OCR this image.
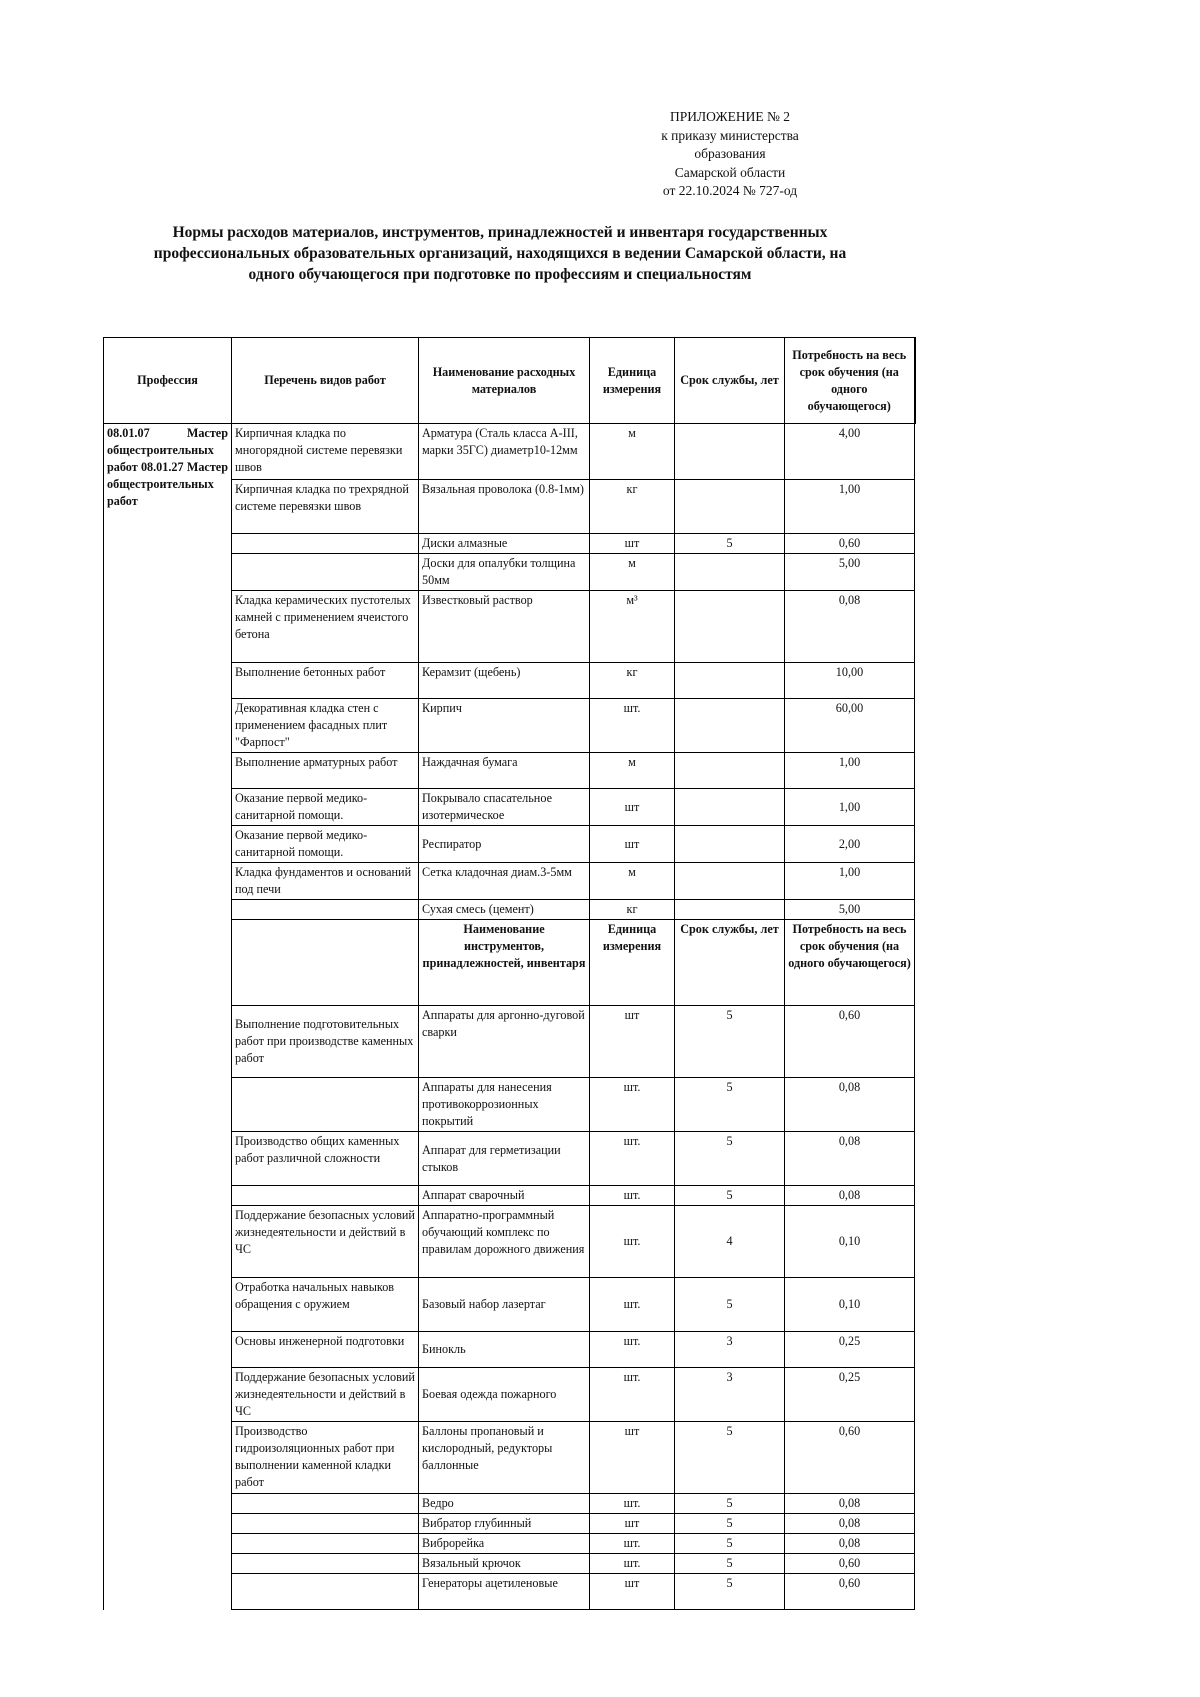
ПРИЛОЖЕНИЕ № 2
к приказу министерства
образования
Самарской области
от 22.10.2024 № 727-од
Нормы расходов материалов, инструментов, принадлежностей и инвентаря государственных
профессиональных образовательных организаций, находящихся в ведении Самарской области, на
одного обучающегося при подготовке по профессиям и специальностям
Профессия	Перечень видов работ	Наименование расходных материалов	Единица измерения	Срок службы, лет	Потребность на весь срок обучения (на одного обучающегося)
08.01.07 Мастер общестроительных работ 08.01.27 Мастер общестроительных работ	Кирпичная кладка по многорядной системе перевязки швов	Арматура (Сталь класса А-III, марки 35ГС) диаметр10-12мм	м		4,00
	Кирпичная кладка по трехрядной системе перевязки швов	Вязальная проволока (0.8-1мм)	кг		1,00
		Диски алмазные	шт	5	0,60
		Доски для опалубки толщина 50мм	м		5,00
	Кладка керамических пустотелых камней с применением ячеистого бетона	Известковый раствор	м³		0,08
	Выполнение бетонных работ	Керамзит (щебень)	кг		10,00
	Декоративная кладка стен с применением фасадных плит "Фарпост"	Кирпич	шт.		60,00
	Выполнение арматурных работ	Наждачная бумага	м		1,00
	Оказание первой медико-санитарной помощи.	Покрывало спасательное изотермическое	шт		1,00
	Оказание первой медико-санитарной помощи.	Респиратор	шт		2,00
	Кладка фундаментов и оснований под печи	Сетка кладочная диам.3-5мм	м		1,00
		Сухая смесь (цемент)	кг		5,00
		Наименование инструментов, принадлежностей, инвентаря	Единица измерения	Срок службы, лет	Потребность на весь срок обучения (на одного обучающегося)
	Выполнение подготовительных работ при производстве каменных работ	Аппараты для аргонно-дуговой сварки	шт	5	0,60
		Аппараты для нанесения противокоррозионных покрытий	шт.	5	0,08
	Производство общих каменных работ различной сложности	Аппарат для герметизации стыков	шт.	5	0,08
		Аппарат сварочный	шт.	5	0,08
	Поддержание безопасных условий жизнедеятельности и действий в ЧС	Аппаратно-программный обучающий комплекс по правилам дорожного движения	шт.	4	0,10
	Отработка начальных навыков обращения с оружием	Базовый набор лазертаг	шт.	5	0,10
	Основы инженерной подготовки	Бинокль	шт.	3	0,25
	Поддержание безопасных условий жизнедеятельности и действий в ЧС	Боевая одежда пожарного	шт.	3	0,25
	Производство гидроизоляционных работ при выполнении каменной кладки работ	Баллоны пропановый и кислородный, редукторы баллонные	шт	5	0,60
		Ведро	шт.	5	0,08
		Вибратор глубинный	шт	5	0,08
		Виброрейка	шт.	5	0,08
		Вязальный крючок	шт.	5	0,60
		Генераторы ацетиленовые	шт	5	0,60
